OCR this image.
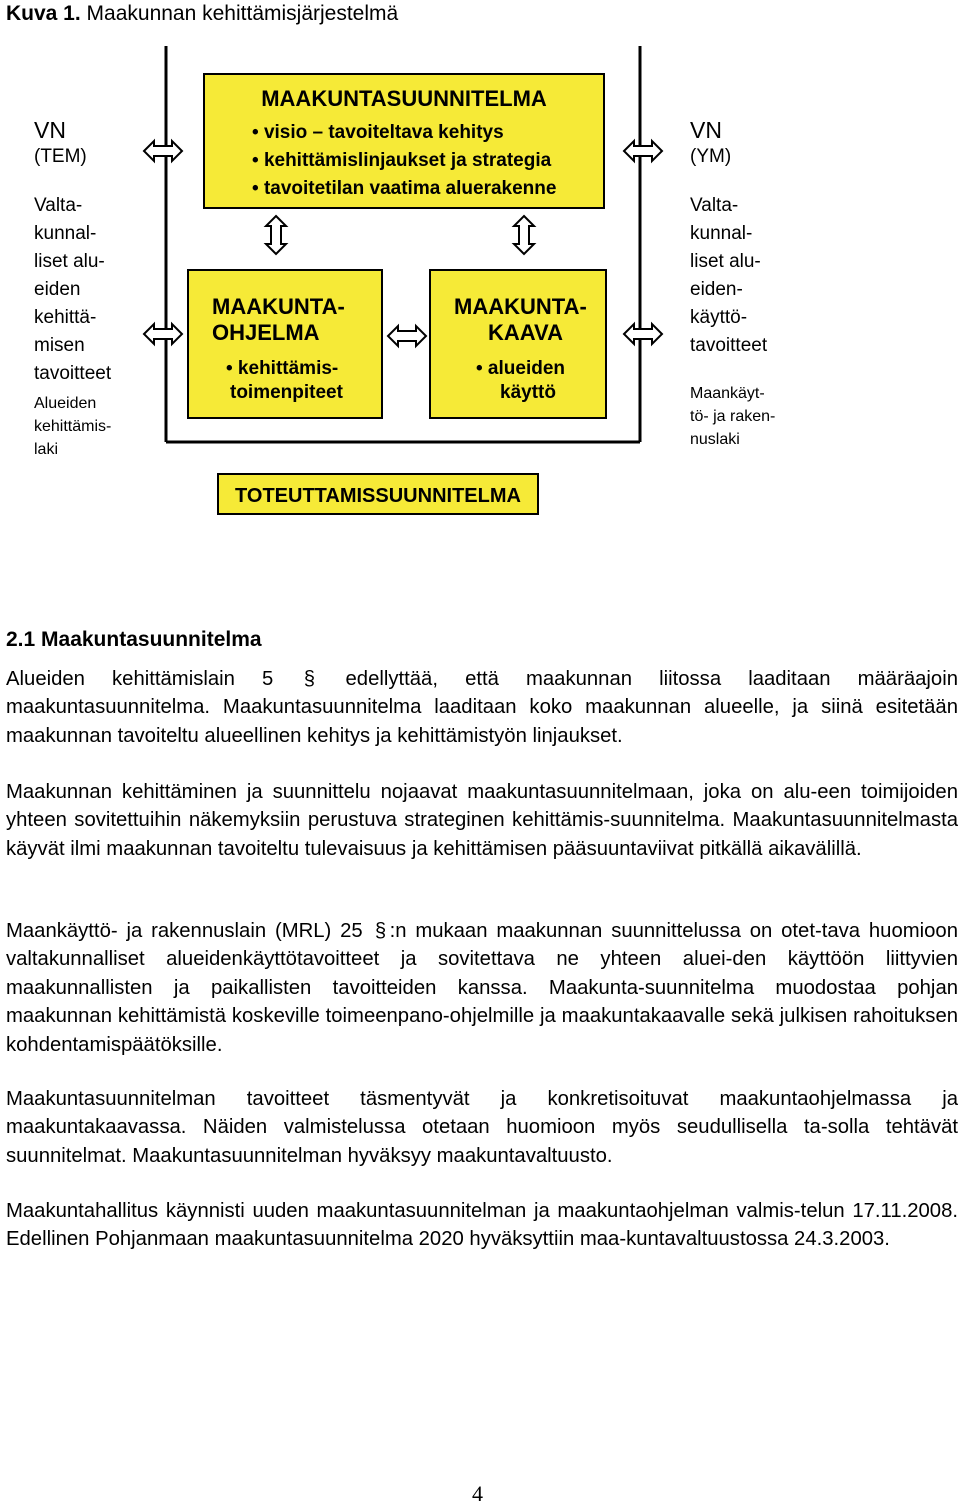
Kuva 1. Maakunnan kehittämisjärjestelmä
VN
(TEM)
Valta-
kunnal-
liset alu-
eiden
kehittä-
misen
tavoitteet
Alueiden
kehittämis-
laki
VN
(YM)
Valta-
kunnal-
liset alu-
eiden-
käyttö-
tavoitteet
Maankäyt-
tö- ja raken-
nuslaki
MAAKUNTASUUNNITELMA
• visio – tavoiteltava kehitys
• kehittämislinjaukset ja strategia
• tavoitetilan vaatima aluerakenne
MAAKUNTA-
OHJELMA
• kehittämis-
toimenpiteet
MAAKUNTA-
KAAVA
• alueiden
käyttö
TOTEUTTAMISSUUNNITELMA
2.1 Maakuntasuunnitelma
Alueiden kehittämislain 5 § edellyttää, että maakunnan liitossa laaditaan määräajoin maakuntasuunnitelma. Maakuntasuunnitelma laaditaan koko maakunnan alueelle, ja siinä esitetään maakunnan tavoiteltu alueellinen kehitys ja kehittämistyön linjaukset.
Maakunnan kehittäminen ja suunnittelu nojaavat maakuntasuunnitelmaan, joka on alu-een toimijoiden yhteen sovitettuihin näkemyksiin perustuva strateginen kehittämis-suunnitelma. Maakuntasuunnitelmasta käyvät ilmi maakunnan tavoiteltu tulevaisuus ja kehittämisen pääsuuntaviivat pitkällä aikavälillä.
Maankäyttö- ja rakennuslain (MRL) 25 § :n mukaan maakunnan suunnittelussa on otet-tava huomioon valtakunnalliset alueidenkäyttötavoitteet ja sovitettava ne yhteen aluei-den käyttöön liittyvien maakunnallisten ja paikallisten tavoitteiden kanssa. Maakunta-suunnitelma muodostaa pohjan maakunnan kehittämistä koskeville toimeenpano-ohjelmille ja maakuntakaavalle sekä julkisen rahoituksen kohdentamispäätöksille.
Maakuntasuunnitelman tavoitteet täsmentyvät ja konkretisoituvat maakuntaohjelmassa ja maakuntakaavassa. Näiden valmistelussa otetaan huomioon myös seudullisella ta-solla tehtävät suunnitelmat. Maakuntasuunnitelman hyväksyy maakuntavaltuusto.
Maakuntahallitus käynnisti uuden maakuntasuunnitelman ja maakuntaohjelman valmis-telun 17.11.2008. Edellinen Pohjanmaan maakuntasuunnitelma 2020 hyväksyttiin maa-kuntavaltuustossa 24.3.2003.
4
